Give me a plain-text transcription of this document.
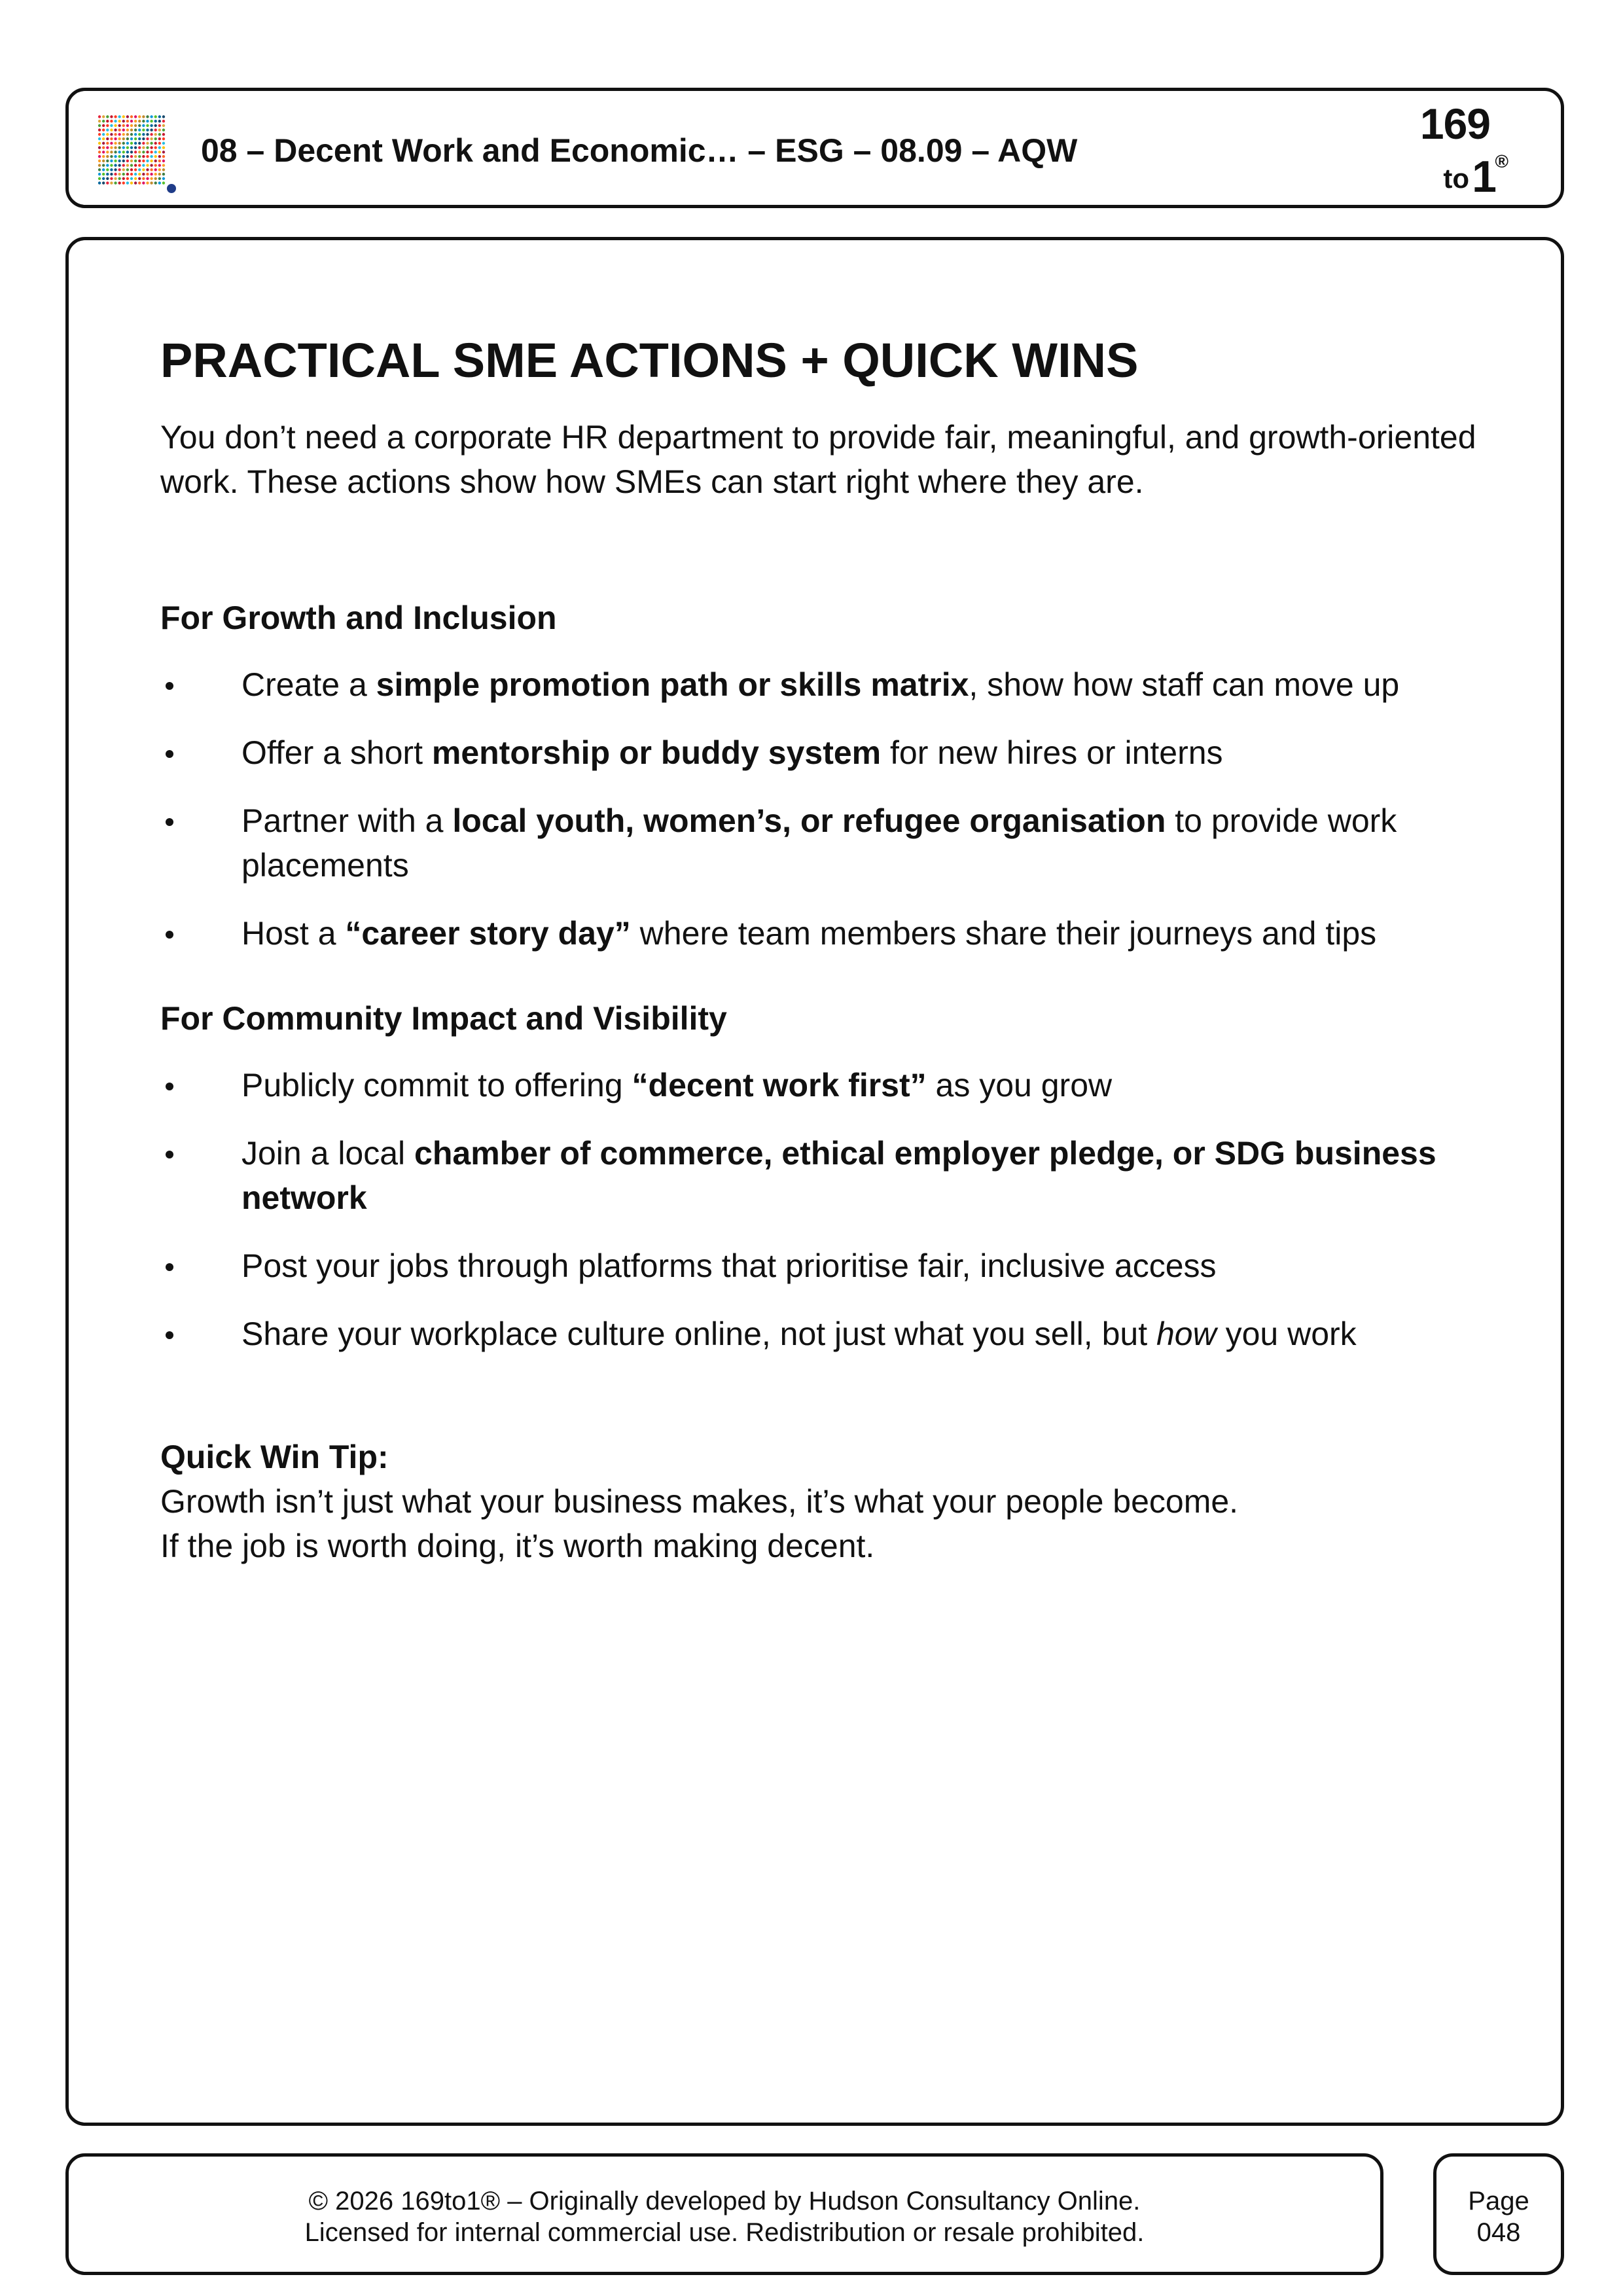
08 – Decent Work and Economic… – ESG – 08.09 – AQW
169
to 1
®
PRACTICAL SME ACTIONS + QUICK WINS

You don’t need a corporate HR department to provide fair, meaningful, and growth-oriented work. These actions show how SMEs can start right where they are.

For Growth and Inclusion

Create a simple promotion path or skills matrix, show how staff can move up
Offer a short mentorship or buddy system for new hires or interns
Partner with a local youth, women’s, or refugee organisation to provide work placements
Host a “career story day” where team members share their journeys and tips

For Community Impact and Visibility

Publicly commit to offering “decent work first” as you grow
Join a local chamber of commerce, ethical employer pledge, or SDG business network
Post your jobs through platforms that prioritise fair, inclusive access
Share your workplace culture online, not just what you sell, but how you work

Quick Win Tip:

Growth isn’t just what your business makes, it’s what your people become.

If the job is worth doing, it’s worth making decent.

© 2026 169to1® – Originally developed by Hudson Consultancy Online.
Licensed for internal commercial use. Redistribution or resale prohibited.
Page
048
